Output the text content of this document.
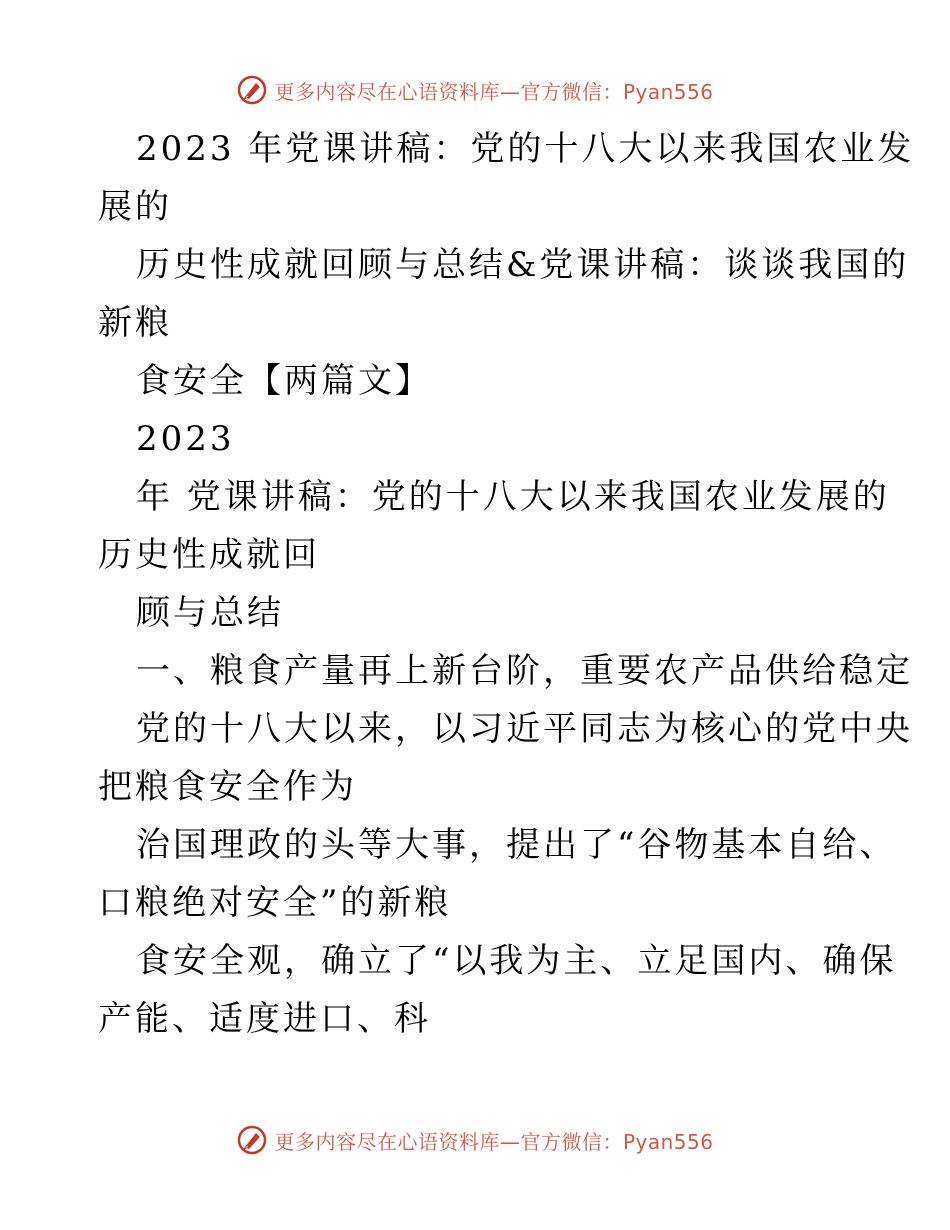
更多内容尽在心语资料库—官方微信：Pyan556
2023 年党课讲稿：党的十八大以来我国农业发
展的
历史性成就回顾与总结&党课讲稿：谈谈我国的
新粮
食安全【两篇文】
2023
年 党课讲稿：党的十八大以来我国农业发展的
历史性成就回
顾与总结
一、粮食产量再上新台阶，重要农产品供给稳定
党的十八大以来，以习近平同志为核心的党中央
把粮食安全作为
治国理政的头等大事，提出了“谷物基本自给、
口粮绝对安全”的新粮
食安全观，确立了“以我为主、立足国内、确保
产能、适度进口、科
更多内容尽在心语资料库—官方微信：Pyan556
